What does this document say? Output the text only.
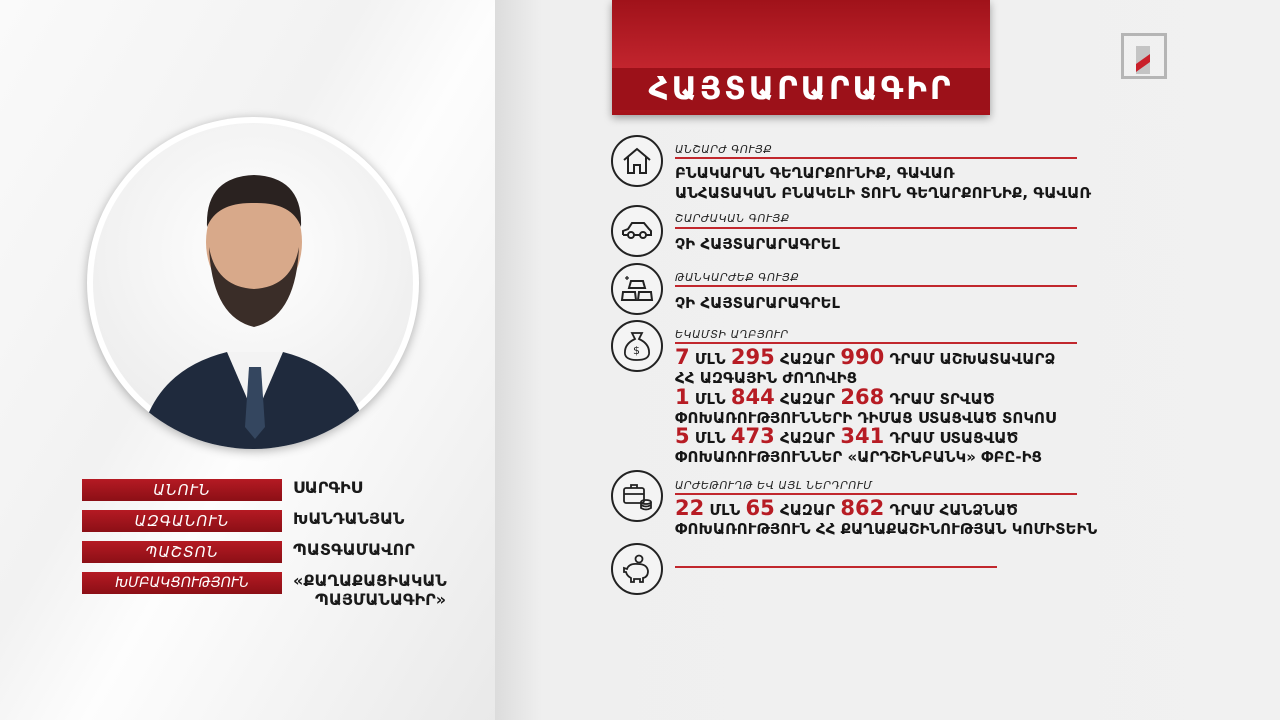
ԱՆՈՒՆ	ՍԱՐԳԻՍ
ԱԶԳԱՆՈՒՆ	ԽԱՆԴԱՆՅԱՆ
ՊԱՇՏՈՆ	ՊԱՏԳԱՄԱՎՈՐ
ԽՄԲԱԿՑՈՒԹՅՈՒՆ	«ՔԱՂԱՔԱՑԻԱԿԱՆ
ՊԱՅՄԱՆԱԳԻՐ»
ՀԱՅՏԱՐԱՐԱԳԻՐ
ԱՆՇԱՐԺ ԳՈՒՅՔ
ԲՆԱԿԱՐԱՆ ԳԵՂԱՐՔՈՒՆԻՔ, ԳԱՎԱՌ
ԱՆՀԱՏԱԿԱՆ ԲՆԱԿԵԼԻ ՏՈՒՆ ԳԵՂԱՐՔՈՒՆԻՔ, ԳԱՎԱՌ
ՇԱՐԺԱԿԱՆ ԳՈՒՅՔ
ՉԻ ՀԱՅՏԱՐԱՐԱԳՐԵԼ
ԹԱՆԿԱՐԺԵՔ ԳՈՒՅՔ
ՉԻ ՀԱՅՏԱՐԱՐԱԳՐԵԼ
$
ԵԿԱՄՏԻ ԱՂԲՅՈՒՐ
7 ՄԼՆ 295 ՀԱԶԱՐ 990 ԴՐԱՄ ԱՇԽԱՏԱՎԱՐՁ
ՀՀ ԱԶԳԱՅԻՆ ԺՈՂՈՎԻՑ
1 ՄԼՆ 844 ՀԱԶԱՐ 268 ԴՐԱՄ ՏՐՎԱԾ
ՓՈԽԱՌՈՒԹՅՈՒՆՆԵՐԻ ԴԻՄԱՑ ՍՏԱՑՎԱԾ ՏՈԿՈՍ
5 ՄԼՆ 473 ՀԱԶԱՐ 341 ԴՐԱՄ ՍՏԱՑՎԱԾ
ՓՈԽԱՌՈՒԹՅՈՒՆՆԵՐ «ԱՐԴՇԻՆԲԱՆԿ» ՓԲԸ-ԻՑ
ԱՐԺԵԹՈՒՂԹ ԵՎ ԱՅԼ ՆԵՐԴՐՈՒՄ
22 ՄԼՆ 65 ՀԱԶԱՐ 862 ԴՐԱՄ ՀԱՆՁՆԱԾ
ՓՈԽԱՌՈՒԹՅՈՒՆ ՀՀ ՔԱՂԱՔԱՇԻՆՈՒԹՅԱՆ ԿՈՄԻՏԵԻՆ
